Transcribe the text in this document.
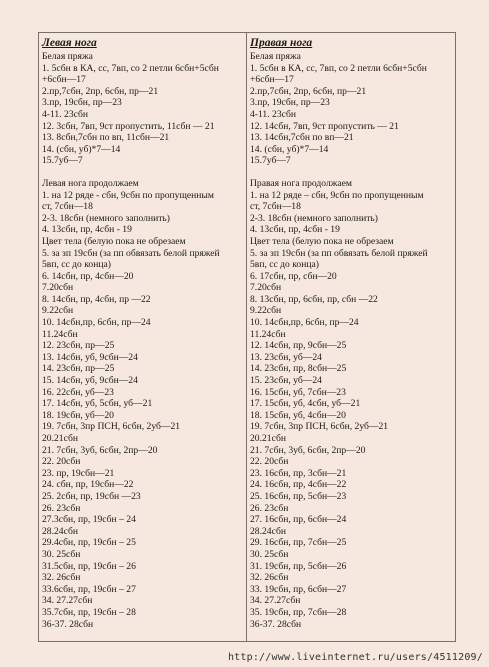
Левая нога
Белая пряжа
1. 5сбн в КА, сс, 7вп, со 2 петли 6сбн+5сбн
+6сбн—17
2.пр,7сбн, 2пр, 6сбн, пр—21
3.пр, 19сбн, пр—23
4-11. 23сбн
12. 3сбн, 7вп, 9ст пропустить, 11сбн — 21
13. 8сбн,7сбн по вп, 11сбн—21
14. (сбн, уб)*7—14
15.7уб—7
Левая нога продолжаем
1. на 12 ряде - сбн, 9сбн по пропущенным
ст, 7сбн—18
2-3. 18сбн (немного заполнить)
4. 13сбн, пр, 4сбн - 19
Цвет тела (белую пока не обрезаем
5. за зп 19сбн (за пп обвязать белой пряжей
5вп, сс до конца)
6. 14сбн, пр, 4сбн—20
7.20сбн
8. 14сбн, пр, 4сбн, пр —22
9.22сбн
10. 14сбн,пр, 6сбн, пр—24
11.24сбн
12. 23сбн, пр—25
13. 14сбн, уб, 9сбн—24
14. 23сбн, пр—25
15. 14сбн, уб, 9сбн—24
16. 22сбн, уб—23
17. 14сбн, уб, 5сбн, уб—21
18. 19сбн, уб—20
19. 7сбн, 3пр ПСН, 6сбн, 2уб—21
20.21сбн
21. 7сбн, 3уб, 6сбн, 2пр—20
22. 20сбн
23. пр, 19сбн—21
24. сбн, пр, 19сбн—22
25. 2сбн, пр, 19сбн —23
26. 23сбн
27.3сбн, пр, 19сбн – 24
28.24сбн
29.4сбн, пр, 19сбн – 25
30. 25сбн
31.5сбн, пр, 19сбн – 26
32. 26сбн
33.6сбн, пр, 19сбн – 27
34. 27.27сбн
35.7сбн, пр, 19сбн – 28
36-37. 28сбн
Правая нога
Белая пряжа
1. 5сбн в КА, сс, 7вп, со 2 петли 6сбн+5сбн
+6сбн—17
2.пр,7сбн, 2пр, 6сбн, пр—21
3.пр, 19сбн, пр—23
4-11. 23сбн
12. 14сбн, 7вп, 9ст пропустить — 21
13. 14сбн,7сбн по вп—21
14. (сбн, уб)*7—14
15.7уб—7
Правая нога продолжаем
1. на 12 ряде – сбн, 9сбн по пропущенным
ст, 7сбн—18
2-3. 18сбн (немного заполнить)
4. 13сбн, пр, 4сбн - 19
Цвет тела (белую пока не обрезаем
5. за зп 19сбн (за пп обвязать белой пряжей
5вп, сс до конца)
6. 17сбн, пр, сбн—20
7.20сбн
8. 13сбн, пр, 6сбн, пр, сбн —22
9.22сбн
10. 14сбн,пр, 6сбн, пр—24
11.24сбн
12. 14сбн, пр, 9сбн—25
13. 23сбн, уб—24
14. 23сбн, пр, 8сбн—25
15. 23сбн, уб—24
16. 15сбн, уб, 7сбн—23
17. 15сбн, уб, 4сбн, уб—21
18. 15сбн, уб, 4сбн—20
19. 7сбн, 3пр ПСН, 6сбн, 2уб—21
20.21сбн
21. 7сбн, 3уб, 6сбн, 2пр—20
22. 20сбн
23. 16сбн, пр, 3сбн—21
24. 16сбн, пр, 4сбн—22
25. 16сбн, пр, 5сбн—23
26. 23сбн
27. 16сбн, пр, 6сбн—24
28.24сбн
29. 16сбн, пр, 7сбн—25
30. 25сбн
31. 19сбн, пр, 5сбн—26
32. 26сбн
33. 19сбн, пр, 6сбн—27
34. 27.27сбн
35. 19сбн, пр, 7сбн—28
36-37. 28сбн
http://www.liveinternet.ru/users/4511209/
